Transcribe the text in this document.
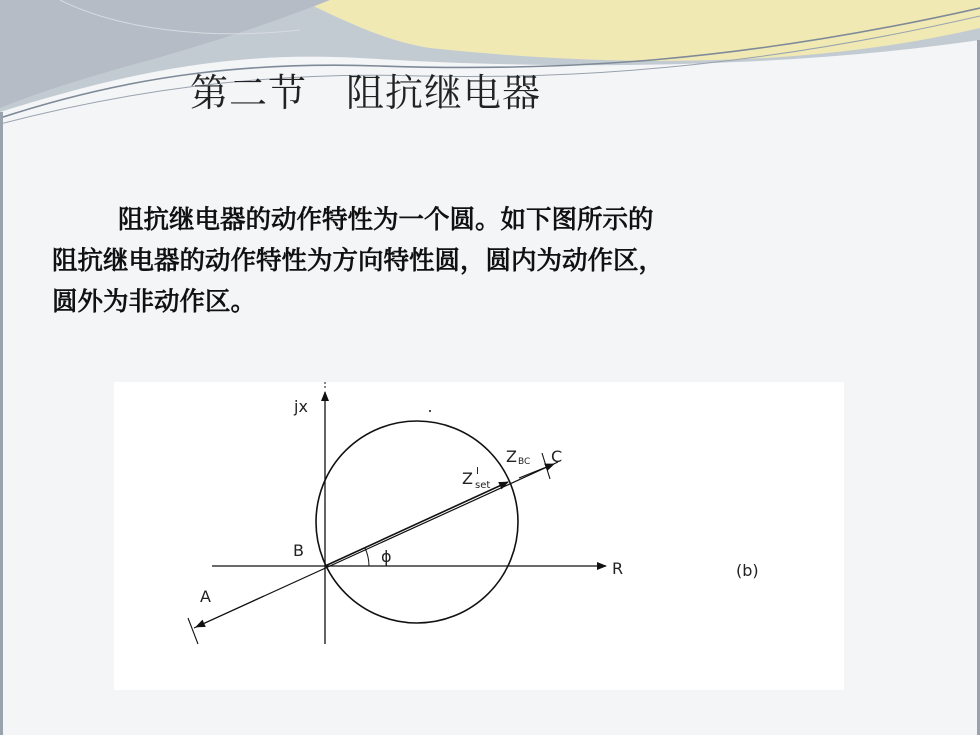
第二节　阻抗继电器
阻抗继电器的动作特性为一个圆。如下图所示的
阻抗继电器的动作特性为方向特性圆，圆内为动作区，
圆外为非动作区。
jx
R
B
A
C
ϕ
Z I set
ZBC
(b)
